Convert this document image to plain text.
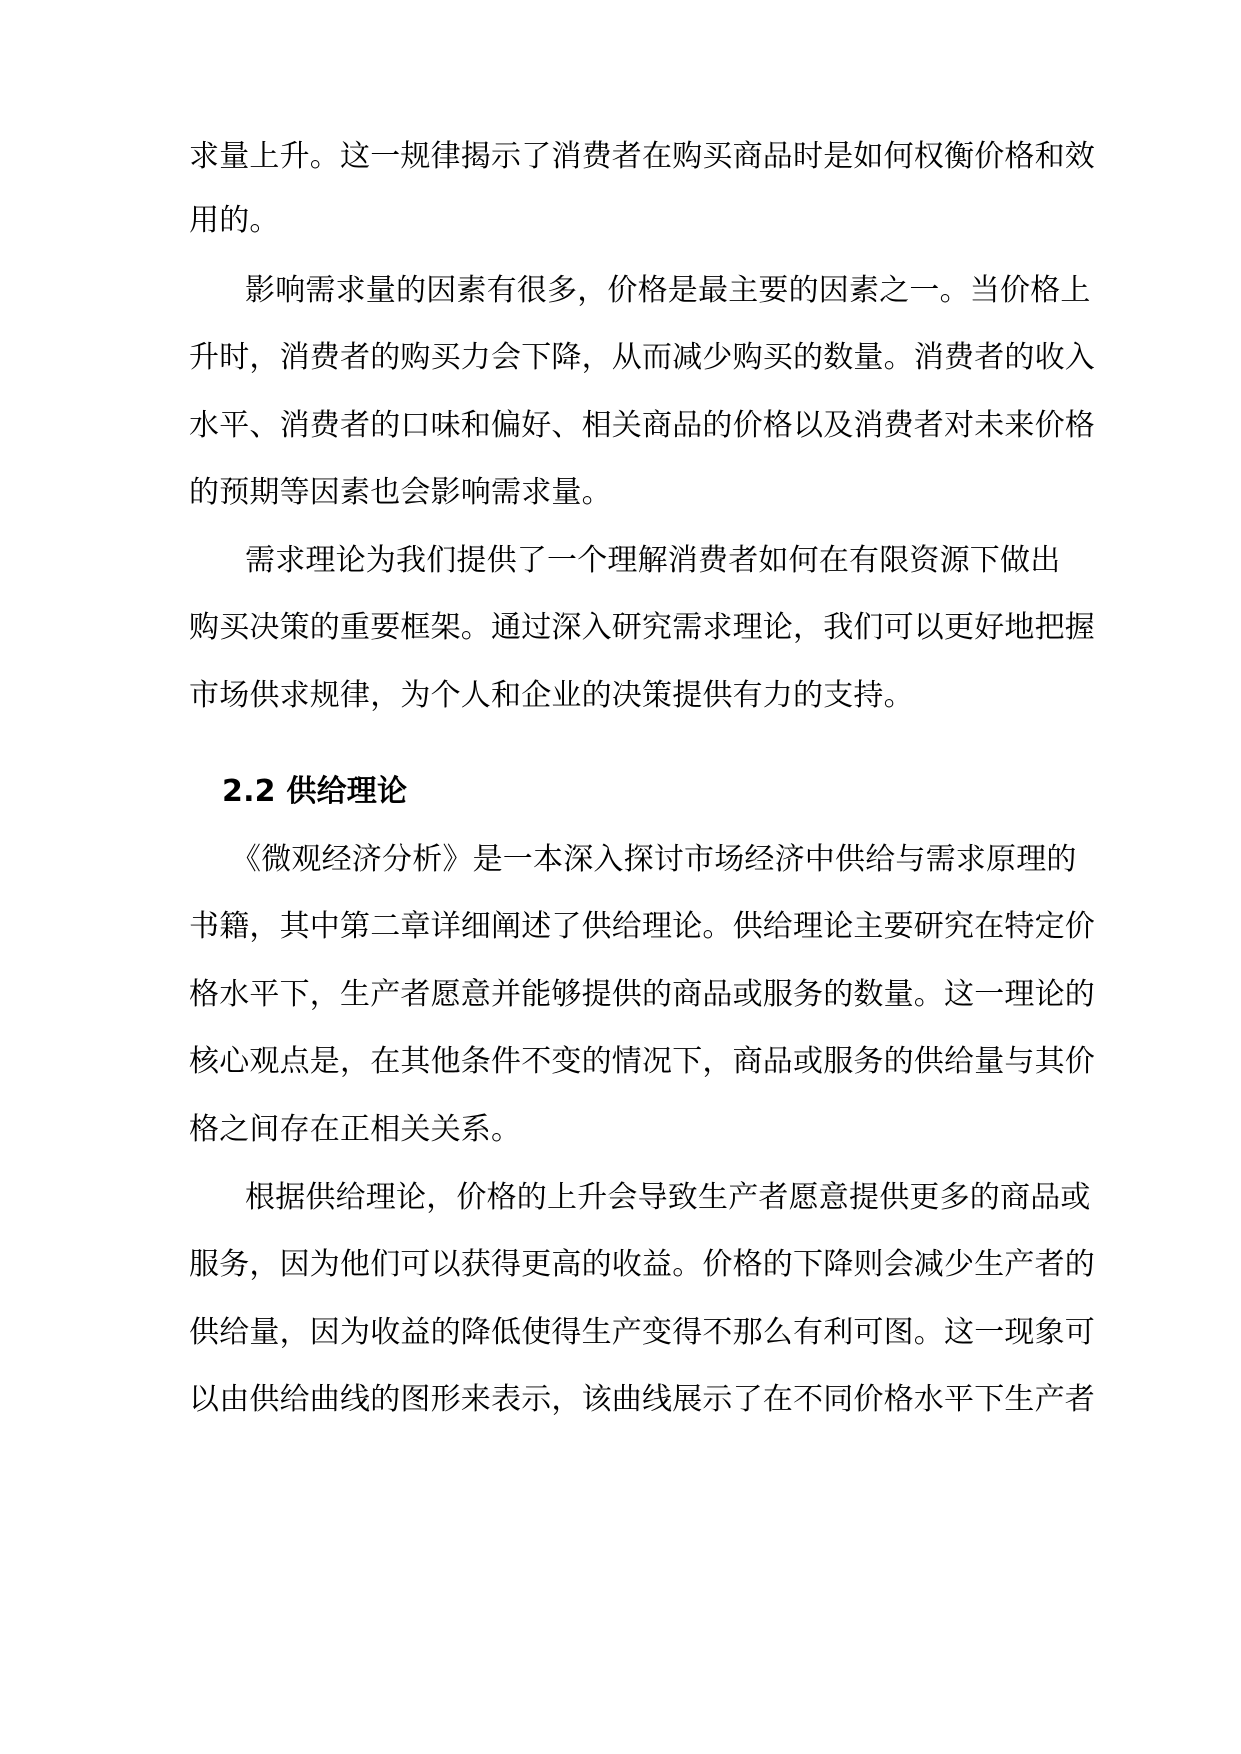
求量上升。这一规律揭示了消费者在购买商品时是如何权衡价格和效
用的。
影响需求量的因素有很多，价格是最主要的因素之一。当价格上
升时，消费者的购买力会下降，从而减少购买的数量。消费者的收入
水平、消费者的口味和偏好、相关商品的价格以及消费者对未来价格
的预期等因素也会影响需求量。
需求理论为我们提供了一个理解消费者如何在有限资源下做出
购买决策的重要框架。通过深入研究需求理论，我们可以更好地把握
市场供求规律，为个人和企业的决策提供有力的支持。
2.2 供给理论
《微观经济分析》是一本深入探讨市场经济中供给与需求原理的
书籍，其中第二章详细阐述了供给理论。供给理论主要研究在特定价
格水平下，生产者愿意并能够提供的商品或服务的数量。这一理论的
核心观点是，在其他条件不变的情况下，商品或服务的供给量与其价
格之间存在正相关关系。
根据供给理论，价格的上升会导致生产者愿意提供更多的商品或
服务，因为他们可以获得更高的收益。价格的下降则会减少生产者的
供给量，因为收益的降低使得生产变得不那么有利可图。这一现象可
以由供给曲线的图形来表示，该曲线展示了在不同价格水平下生产者
